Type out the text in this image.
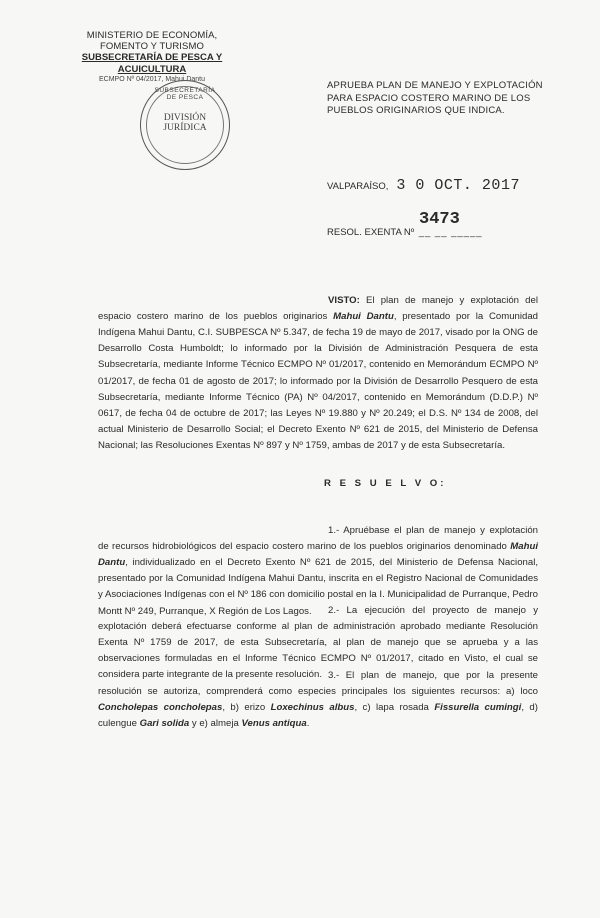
MINISTERIO DE ECONOMÍA,
FOMENTO Y TURISMO
SUBSECRETARÍA DE PESCA Y ACUICULTURA
ECMPO Nº 04/2017, Mahui Dantu
SUBSECRETARÍA DE PESCA
DIVISIÓN
JURÍDICA
APRUEBA PLAN DE MANEJO Y EXPLOTACIÓN PARA ESPACIO COSTERO MARINO DE LOS PUEBLOS ORIGINARIOS QUE INDICA.
VALPARAÍSO, 3 0 OCT. 2017
RESOL. EXENTA Nº __ __ _____
3473
VISTO: El plan de manejo y explotación del espacio costero marino de los pueblos originarios Mahui Dantu, presentado por la Comunidad Indígena Mahui Dantu, C.I. SUBPESCA Nº 5.347, de fecha 19 de mayo de 2017, visado por la ONG de Desarrollo Costa Humboldt; lo informado por la División de Administración Pesquera de esta Subsecretaría, mediante Informe Técnico ECMPO Nº 01/2017, contenido en Memorándum ECMPO Nº 01/2017, de fecha 01 de agosto de 2017; lo informado por la División de Desarrollo Pesquero de esta Subsecretaría, mediante Informe Técnico (PA) Nº 04/2017, contenido en Memorándum (D.D.P.) Nº 0617, de fecha 04 de octubre de 2017; las Leyes Nº 19.880 y Nº 20.249; el D.S. Nº 134 de 2008, del actual Ministerio de Desarrollo Social; el Decreto Exento Nº 621 de 2015, del Ministerio de Defensa Nacional; las Resoluciones Exentas Nº 897 y Nº 1759, ambas de 2017 y de esta Subsecretaría.
R E S U E L V O:
1.- Apruébase el plan de manejo y explotación de recursos hidrobiológicos del espacio costero marino de los pueblos originarios denominado Mahui Dantu, individualizado en el Decreto Exento Nº 621 de 2015, del Ministerio de Defensa Nacional, presentado por la Comunidad Indígena Mahui Dantu, inscrita en el Registro Nacional de Comunidades y Asociaciones Indígenas con el Nº 186 con domicilio postal en la I. Municipalidad de Purranque, Pedro Montt Nº 249, Purranque, X Región de Los Lagos.	2.- La ejecución del proyecto de manejo y explotación deberá efectuarse conforme al plan de administración aprobado mediante Resolución Exenta Nº 1759 de 2017, de esta Subsecretaría, al plan de manejo que se aprueba y a las observaciones formuladas en el Informe Técnico ECMPO Nº 01/2017, citado en Visto, el cual se considera parte integrante de la presente resolución. 3.- El plan de manejo, que por la presente resolución se autoriza, comprenderá como especies principales los siguientes recursos: a) loco Concholepas concholepas, b) erizo Loxechinus albus, c) lapa rosada Fissurella cumingi, d) culengue Gari solida y e) almeja Venus antiqua.
